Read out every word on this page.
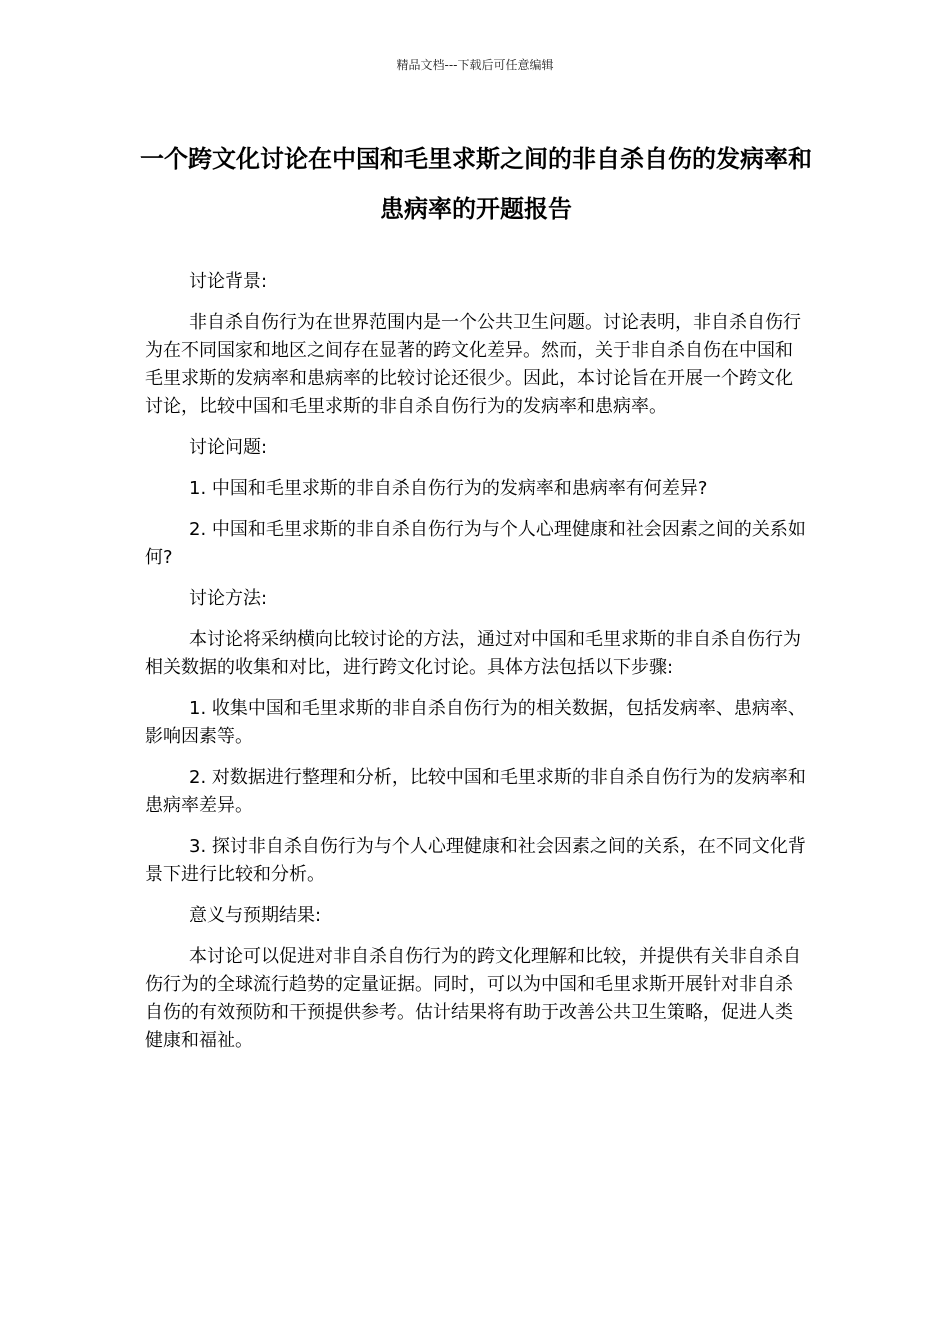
精品文档---下载后可任意编辑
一个跨文化讨论在中国和毛里求斯之间的非自杀自伤的发病率和患病率的开题报告

讨论背景:

非自杀自伤行为在世界范围内是一个公共卫生问题。讨论表明，非自杀自伤行为在不同国家和地区之间存在显著的跨文化差异。然而，关于非自杀自伤在中国和毛里求斯的发病率和患病率的比较讨论还很少。因此，本讨论旨在开展一个跨文化讨论，比较中国和毛里求斯的非自杀自伤行为的发病率和患病率。

讨论问题:

1. 中国和毛里求斯的非自杀自伤行为的发病率和患病率有何差异?

2. 中国和毛里求斯的非自杀自伤行为与个人心理健康和社会因素之间的关系如何?

讨论方法:

本讨论将采纳横向比较讨论的方法，通过对中国和毛里求斯的非自杀自伤行为相关数据的收集和对比，进行跨文化讨论。具体方法包括以下步骤:

1. 收集中国和毛里求斯的非自杀自伤行为的相关数据，包括发病率、患病率、影响因素等。

2. 对数据进行整理和分析，比较中国和毛里求斯的非自杀自伤行为的发病率和患病率差异。

3. 探讨非自杀自伤行为与个人心理健康和社会因素之间的关系，在不同文化背景下进行比较和分析。

意义与预期结果:

本讨论可以促进对非自杀自伤行为的跨文化理解和比较，并提供有关非自杀自伤行为的全球流行趋势的定量证据。同时，可以为中国和毛里求斯开展针对非自杀自伤的有效预防和干预提供参考。估计结果将有助于改善公共卫生策略，促进人类健康和福祉。
